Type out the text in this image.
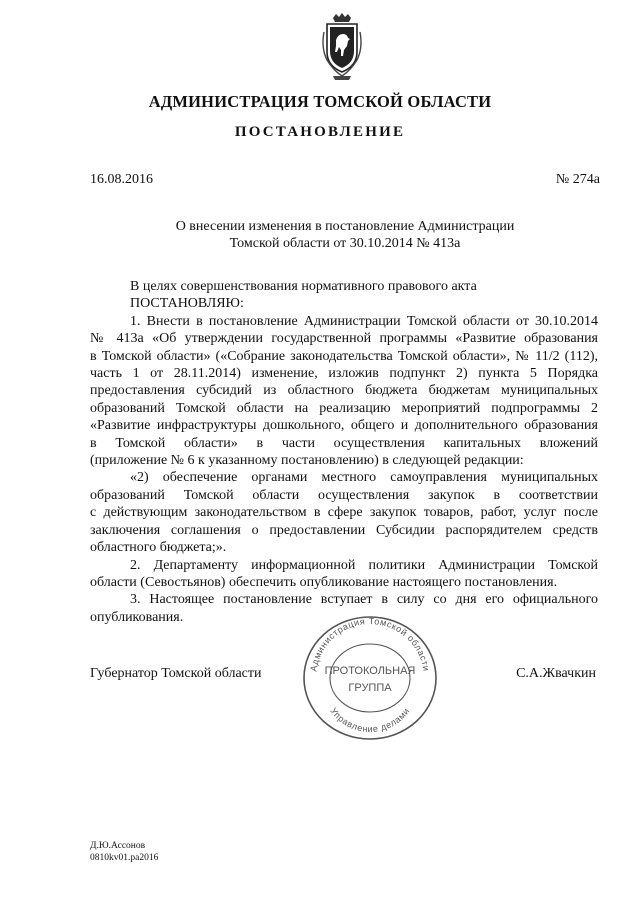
АДМИНИСТРАЦИЯ ТОМСКОЙ ОБЛАСТИ
ПОСТАНОВЛЕНИЕ
16.08.2016	№ 274а
О внесении изменения в постановление Администрации
Томской области от 30.10.2014 № 413а

В целях совершенствования нормативного правового акта

ПОСТАНОВЛЯЮ:

1. Внести в постановление Администрации Томской области от 30.10.2014

№ 413а «Об утверждении государственной программы «Развитие образования

в Томской области» («Собрание законодательства Томской области», № 11/2 (112),

часть 1 от 28.11.2014) изменение, изложив подпункт 2) пункта 5 Порядка

предоставления субсидий из областного бюджета бюджетам муниципальных

образований Томской области на реализацию мероприятий подпрограммы 2

«Развитие инфраструктуры дошкольного, общего и дополнительного образования

в Томской области» в части осуществления капитальных вложений

(приложение № 6 к указанному постановлению) в следующей редакции:

«2) обеспечение органами местного самоуправления муниципальных

образований Томской области осуществления закупок в соответствии

с действующим законодательством в сфере закупок товаров, работ, услуг после

заключения соглашения о предоставлении Субсидии распорядителем средств

областного бюджета;».

2. Департаменту информационной политики Администрации Томской

области (Севостьянов) обеспечить опубликование настоящего постановления.

3. Настоящее постановление вступает в силу со дня его официального

опубликования.

Администрация Томской области
Управление делами
ПРОТОКОЛЬНАЯ
ГРУППА
Губернатор Томской области	С.А.Жвачкин
Д.Ю.Ассонов
0810kv01.pa2016
